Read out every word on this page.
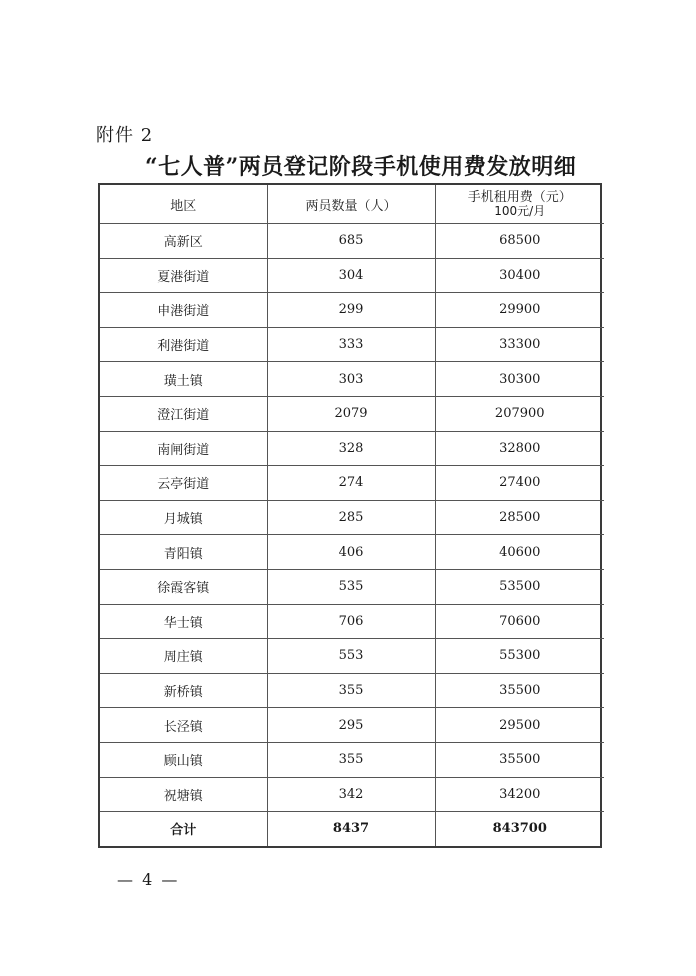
附件 2
“七人普”两员登记阶段手机使用费发放明细
地区	两员数量（人）	手机租用费（元）
100元/月

高新区	685	68500
夏港街道	304	30400
申港街道	299	29900
利港街道	333	33300
璜土镇	303	30300
澄江街道	2079	207900
南闸街道	328	32800
云亭街道	274	27400
月城镇	285	28500
青阳镇	406	40600
徐霞客镇	535	53500
华士镇	706	70600
周庄镇	553	55300
新桥镇	355	35500
长泾镇	295	29500
顾山镇	355	35500
祝塘镇	342	34200
合计	8437	843700
— 4 —
